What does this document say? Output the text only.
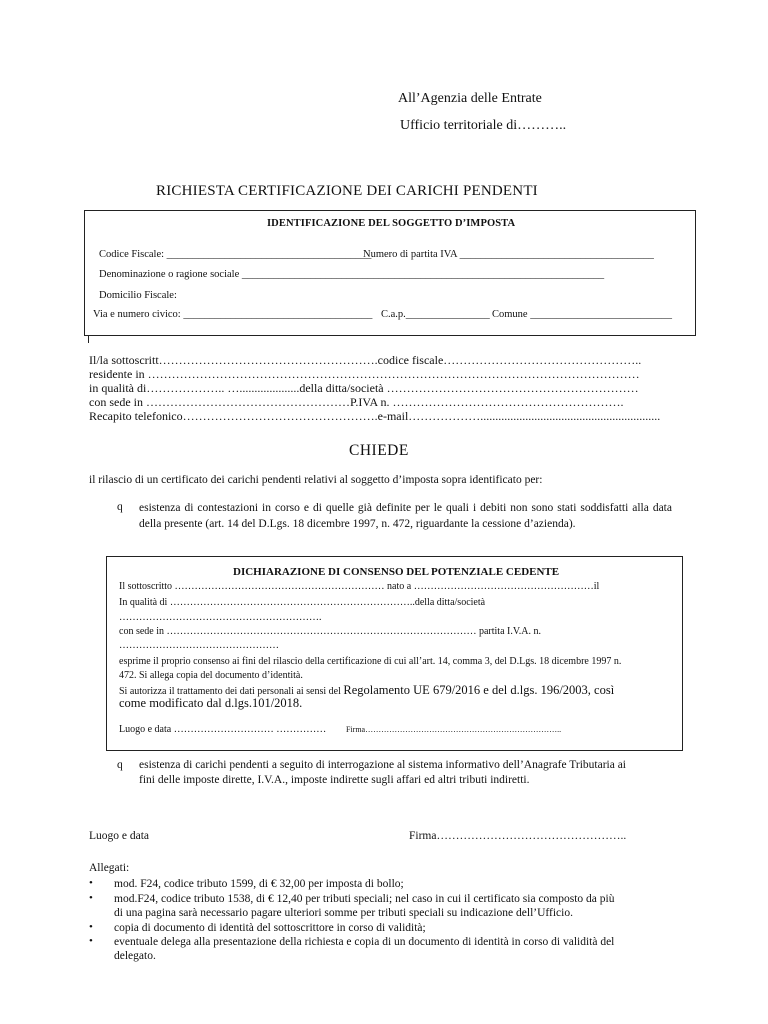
All’Agenzia delle Entrate
Ufficio territoriale di………..
RICHIESTA CERTIFICAZIONE DEI CARICHI PENDENTI
IDENTIFICAZIONE DEL SOGGETTO D’IMPOSTA
Codice Fiscale: _______________________________________
Numero di partita IVA _____________________________________
Denominazione o ragione sociale _____________________________________________________________________
Domicilio Fiscale:
Via e numero civico: ____________________________________ C.a.p.________________ Comune ___________________________
Il/la sottoscritt……………………………………………….codice fiscale…………………………………………..
residente in ……………………………………………………………………………………………………………
in qualità di……………….. …....................della ditta/società ………………………………………………………
con sede in ……………………………………………P.IVA n. ………………………………………………….
Recapito telefonico………………………………………….e-mail………………............................................................
CHIEDE
il rilascio di un certificato dei carichi pendenti relativi al soggetto d’imposta sopra identificato per:
q esistenza di contestazioni in corso e di quelle già definite per le quali i debiti non sono stati soddisfatti alla data della presente (art. 14 del D.Lgs. 18 dicembre 1997, n. 472, riguardante la cessione d’azienda).
DICHIARAZIONE DI CONSENSO DEL POTENZIALE CEDENTE
Il sottoscritto ……………………………………………………… nato a ………………………………………………il
In qualità di ………………………………………………………………..della ditta/società
…………………………………………………….
con sede in ………………………………………………………………………………… partita I.V.A. n.
…………………………………………
esprime il proprio consenso ai fini del rilascio della certificazione di cui all’art. 14, comma 3, del D.Lgs. 18 dicembre 1997 n.
472. Si allega copia del documento d’identità.
Si autorizza il trattamento dei dati personali ai sensi del Regolamento UE 679/2016 e del d.lgs. 196/2003, così
come modificato dal d.lgs.101/2018.
Luogo e data ………………………… …………… Firma………………………………………………………………..
q esistenza di carichi pendenti a seguito di interrogazione al sistema informativo dell’Anagrafe Tributaria ai
fini delle imposte dirette, I.V.A., imposte indirette sugli affari ed altri tributi indiretti.
Luogo e data	Firma…………………………………………..
Allegati:
• mod. F24, codice tributo 1599, di € 32,00 per imposta di bollo;
• mod.F24, codice tributo 1538, di € 12,40 per tributi speciali; nel caso in cui il certificato sia composto da più
di una pagina sarà necessario pagare ulteriori somme per tributi speciali su indicazione dell’Ufficio.
• copia di documento di identità del sottoscrittore in corso di validità;
• eventuale delega alla presentazione della richiesta e copia di un documento di identità in corso di validità del
delegato.
